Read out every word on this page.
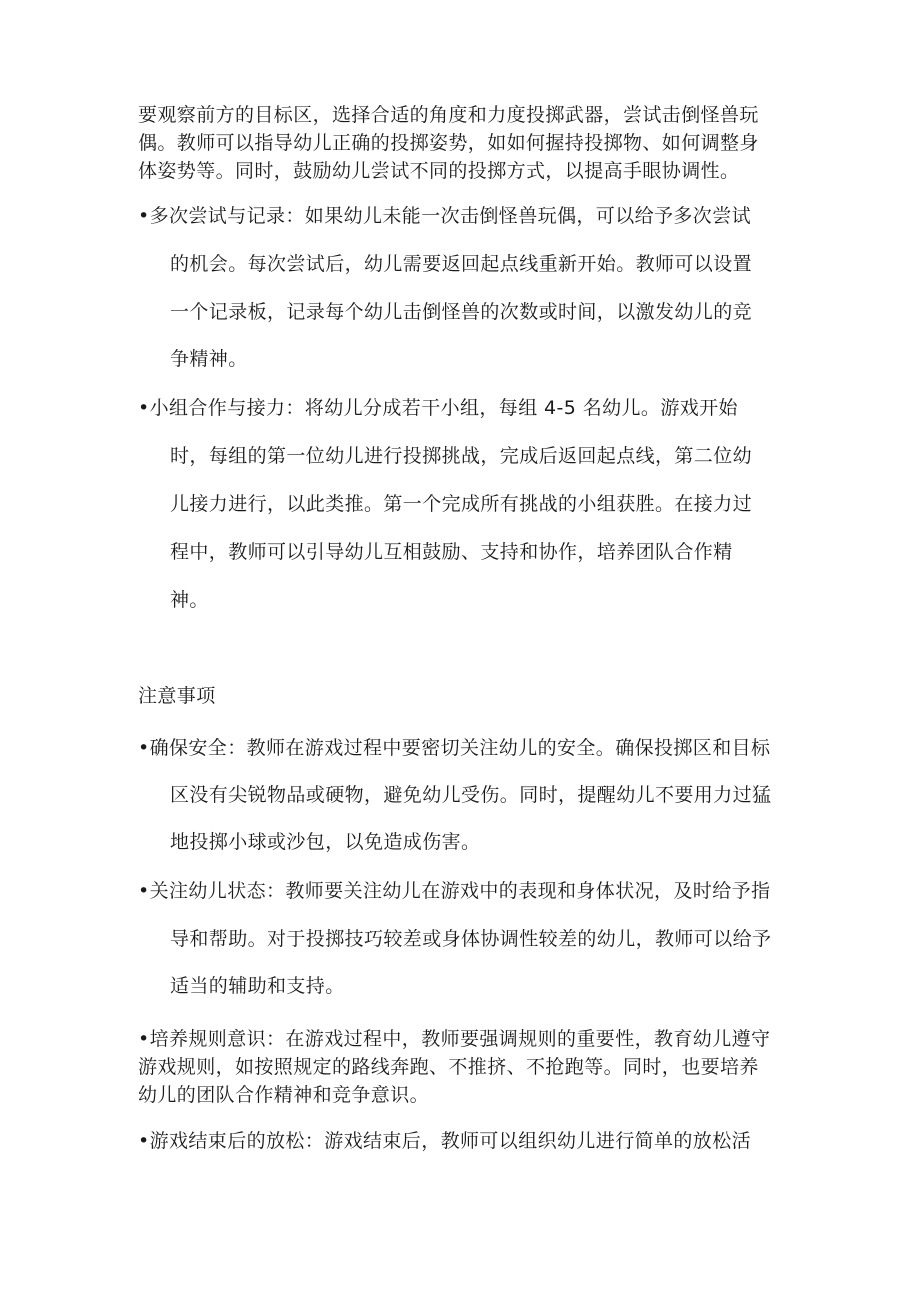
要观察前方的目标区，选择合适的角度和力度投掷武器，尝试击倒怪兽玩
偶。教师可以指导幼儿正确的投掷姿势，如如何握持投掷物、如何调整身
体姿势等。同时，鼓励幼儿尝试不同的投掷方式，以提高手眼协调性。
•多次尝试与记录：如果幼儿未能一次击倒怪兽玩偶，可以给予多次尝试
的机会。每次尝试后，幼儿需要返回起点线重新开始。教师可以设置
一个记录板，记录每个幼儿击倒怪兽的次数或时间，以激发幼儿的竞
争精神。
•小组合作与接力：将幼儿分成若干小组，每组 4-5 名幼儿。游戏开始
时，每组的第一位幼儿进行投掷挑战，完成后返回起点线，第二位幼
儿接力进行，以此类推。第一个完成所有挑战的小组获胜。在接力过
程中，教师可以引导幼儿互相鼓励、支持和协作，培养团队合作精
神。
注意事项
•确保安全：教师在游戏过程中要密切关注幼儿的安全。确保投掷区和目标
区没有尖锐物品或硬物，避免幼儿受伤。同时，提醒幼儿不要用力过猛
地投掷小球或沙包，以免造成伤害。
•关注幼儿状态：教师要关注幼儿在游戏中的表现和身体状况，及时给予指
导和帮助。对于投掷技巧较差或身体协调性较差的幼儿，教师可以给予
适当的辅助和支持。
•培养规则意识：在游戏过程中，教师要强调规则的重要性，教育幼儿遵守
游戏规则，如按照规定的路线奔跑、不推挤、不抢跑等。同时，也要培养
幼儿的团队合作精神和竞争意识。
•游戏结束后的放松：游戏结束后，教师可以组织幼儿进行简单的放松活
